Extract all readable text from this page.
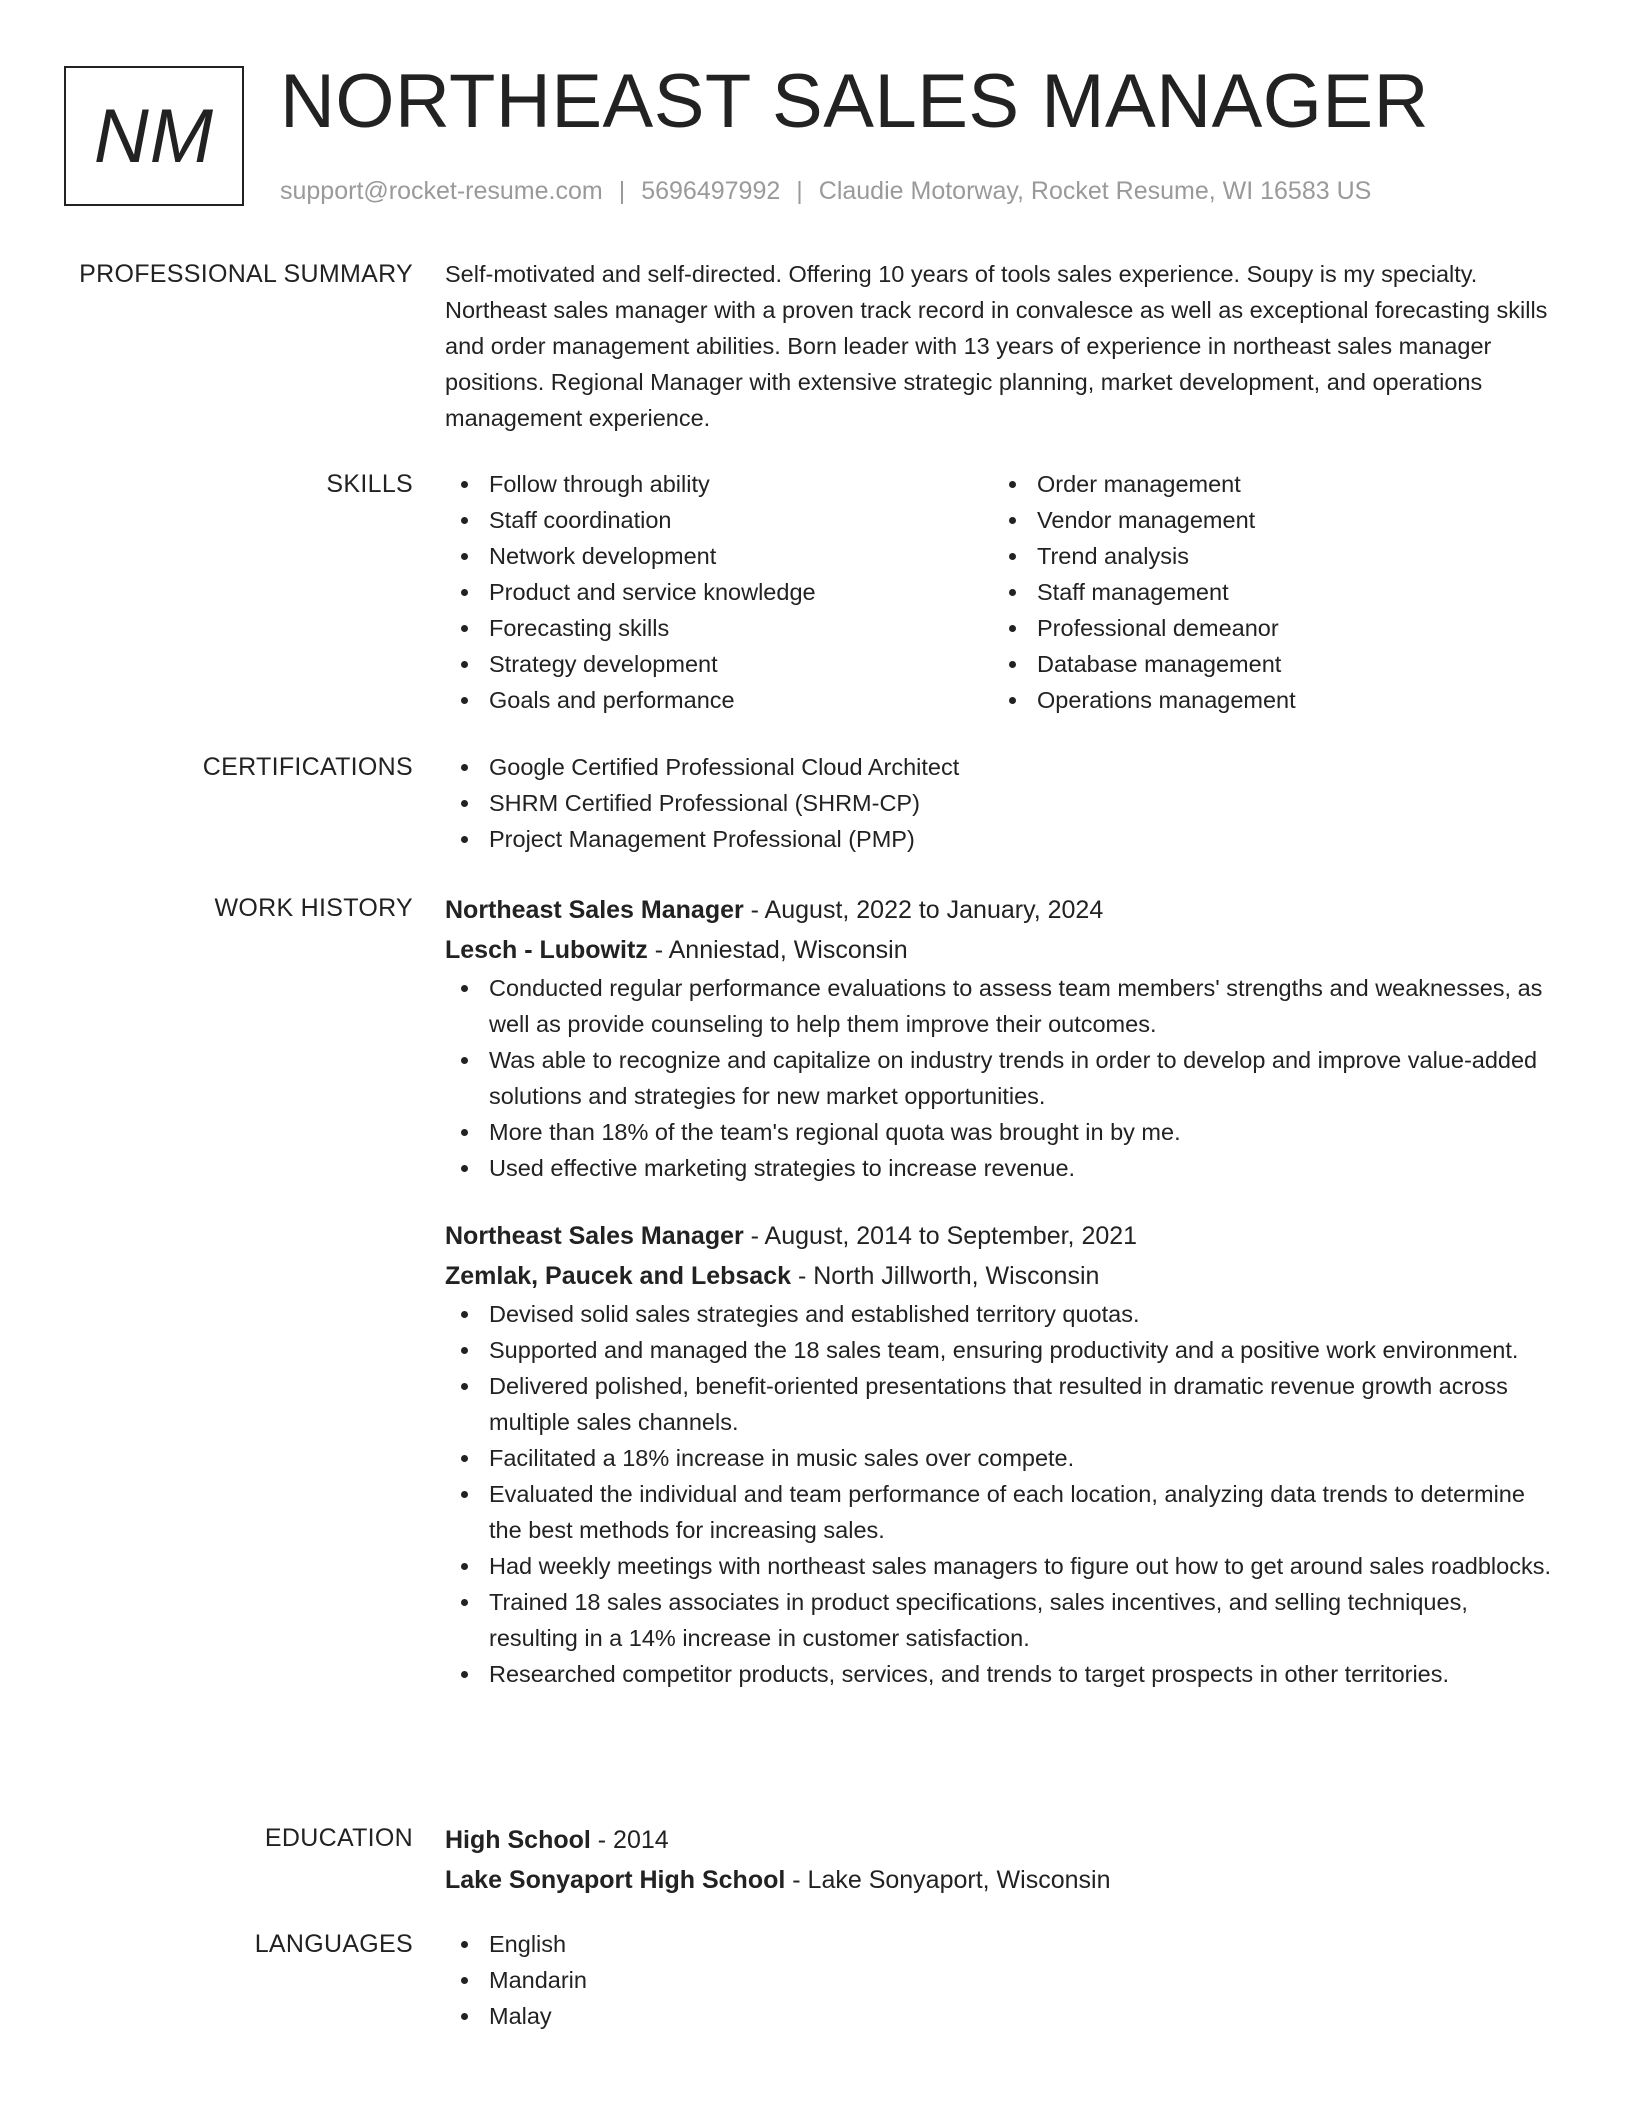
NM NORTHEAST SALES MANAGER
support@rocket-resume.com | 5696497992 | Claudie Motorway, Rocket Resume, WI 16583 US
PROFESSIONAL SUMMARY Self-motivated and self-directed. Offering 10 years of tools sales experience. Soupy is my specialty. Northeast sales manager with a proven track record in convalesce as well as exceptional forecasting skills and order management abilities. Born leader with 13 years of experience in northeast sales manager positions. Regional Manager with extensive strategic planning, market development, and operations management experience.

SKILLS	Follow through ability
Staff coordination
Network development
Product and service knowledge
Forecasting skills
Strategy development
Goals and performance
Order management
Vendor management
Trend analysis
Staff management
Professional demeanor
Database management
Operations management
CERTIFICATIONS	Google Certified Professional Cloud Architect
SHRM Certified Professional (SHRM-CP)
Project Management Professional (PMP)
WORK HISTORY Northeast Sales Manager - August, 2022 to January, 2024
Lesch - Lubowitz - Anniestad, Wisconsin
Conducted regular performance evaluations to assess team members' strengths and weaknesses, as well as provide counseling to help them improve their outcomes.
Was able to recognize and capitalize on industry trends in order to develop and improve value-added solutions and strategies for new market opportunities.
More than 18% of the team's regional quota was brought in by me.
Used effective marketing strategies to increase revenue.
Northeast Sales Manager - August, 2014 to September, 2021
Zemlak, Paucek and Lebsack - North Jillworth, Wisconsin
Devised solid sales strategies and established territory quotas.
Supported and managed the 18 sales team, ensuring productivity and a positive work environment.
Delivered polished, benefit-oriented presentations that resulted in dramatic revenue growth across multiple sales channels.
Facilitated a 18% increase in music sales over compete.
Evaluated the individual and team performance of each location, analyzing data trends to determine the best methods for increasing sales.
Had weekly meetings with northeast sales managers to figure out how to get around sales roadblocks.
Trained 18 sales associates in product specifications, sales incentives, and selling techniques, resulting in a 14% increase in customer satisfaction.
Researched competitor products, services, and trends to target prospects in other territories.
EDUCATION High School - 2014
Lake Sonyaport High School - Lake Sonyaport, Wisconsin
LANGUAGES	English
Mandarin
Malay
